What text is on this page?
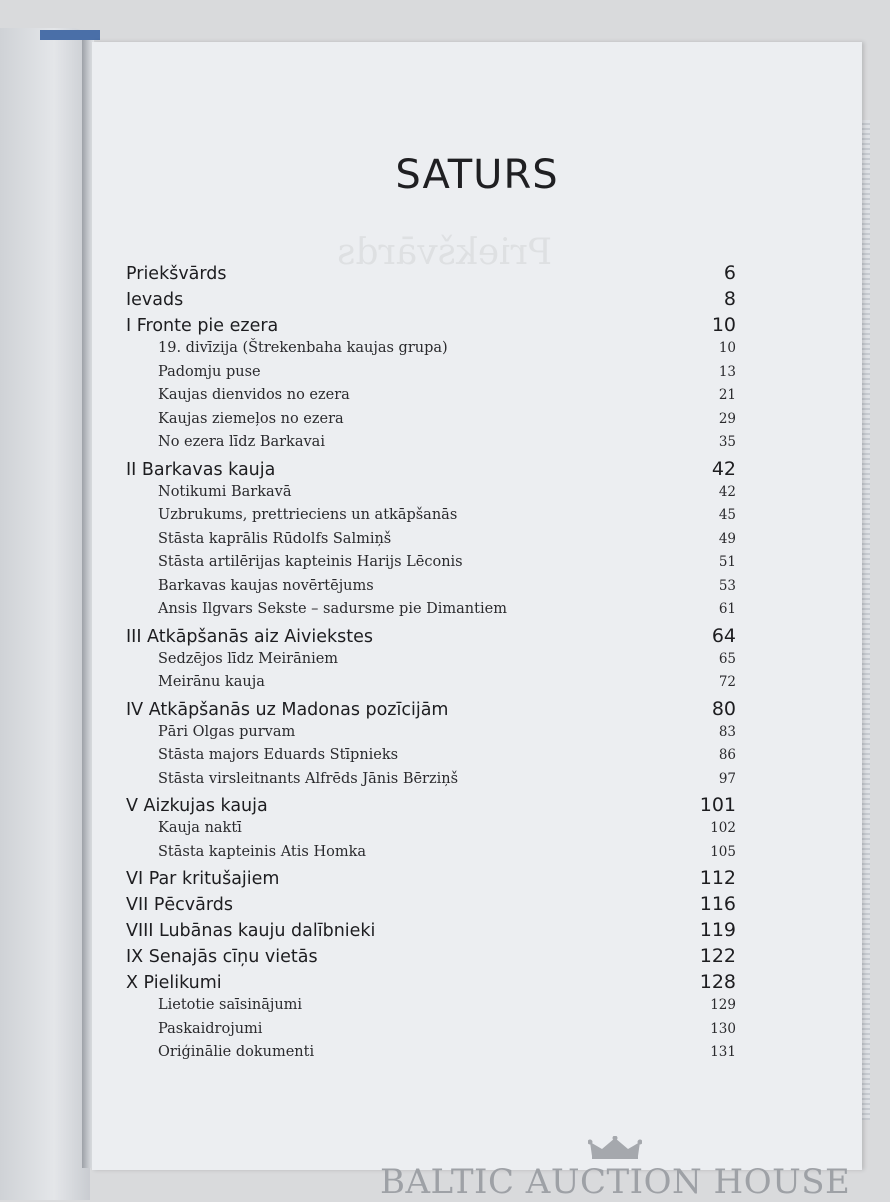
Priekšvārds
SATURS
Priekšvārds	6
Ievads	8
I Fronte pie ezera	10
19. divīzija (Štrekenbaha kaujas grupa)	10
Padomju puse	13
Kaujas dienvidos no ezera	21
Kaujas ziemeļos no ezera	29
No ezera līdz Barkavai	35
II Barkavas kauja	42
Notikumi Barkavā	42
Uzbrukums, prettrieciens un atkāpšanās	45
Stāsta kaprālis Rūdolfs Salmiņš	49
Stāsta artilērijas kapteinis Harijs Lēconis	51
Barkavas kaujas novērtējums	53
Ansis Ilgvars Sekste – sadursme pie Dimantiem	61
III Atkāpšanās aiz Aiviekstes	64
Sedzējos līdz Meirāniem	65
Meirānu kauja	72
IV Atkāpšanās uz Madonas pozīcijām	80
Pāri Olgas purvam	83
Stāsta majors Eduards Stīpnieks	86
Stāsta virsleitnants Alfrēds Jānis Bērziņš	97
V Aizkujas kauja	101
Kauja naktī	102
Stāsta kapteinis Atis Homka	105
VI Par kritušajiem	112
VII Pēcvārds	116
VIII Lubānas kauju dalībnieki	119
IX Senajās cīņu vietās	122
X Pielikumi	128
Lietotie saīsinājumi	129
Paskaidrojumi	130
Oriģinālie dokumenti	131
BALTIC AUCTION HOUSE
